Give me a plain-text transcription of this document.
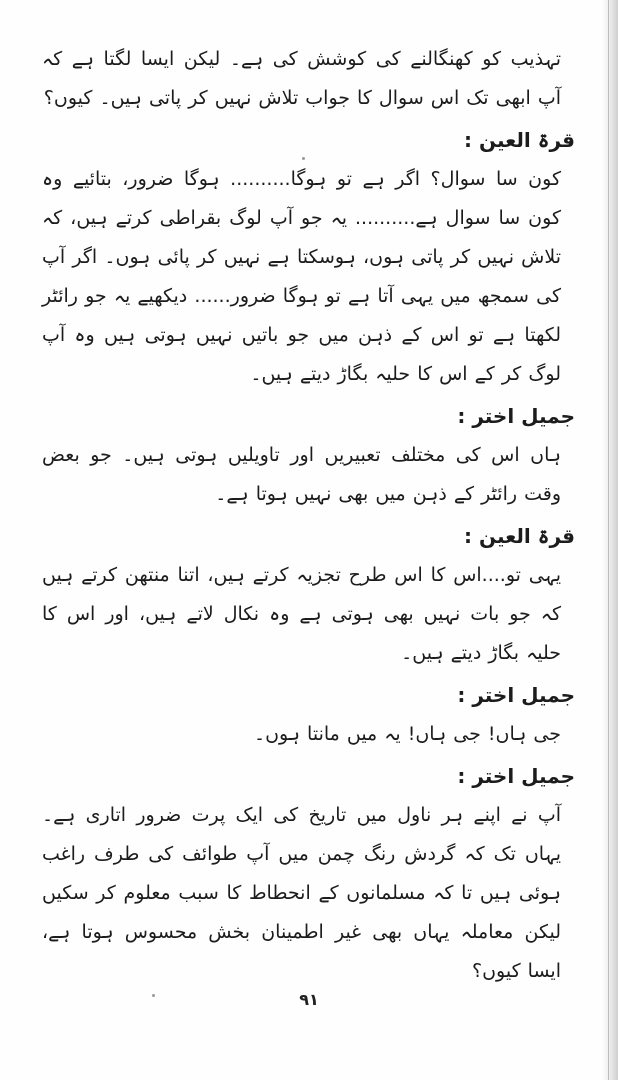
تہذیب کو کھنگالنے کی کوشش کی ہے۔ لیکن ایسا لگتا ہے کہ آپ ابھی تک اس سوال کا جواب تلاش نہیں کر پاتی ہیں۔ کیوں؟

قرۃ العین :

کون سا سوال؟ اگر ہے تو ہوگا.......... ہوگا ضرور، بتائیے وہ کون سا سوال ہے.......... یہ جو آپ لوگ بقراطی کرتے ہیں، کہ تلاش نہیں کر پاتی ہوں، ہوسکتا ہے نہیں کر پائی ہوں۔ اگر آپ کی سمجھ میں یہی آتا ہے تو ہوگا ضرور...... دیکھیے یہ جو رائٹر لکھتا ہے تو اس کے ذہن میں جو باتیں نہیں ہوتی ہیں وہ آپ لوگ کر کے اس کا حلیہ بگاڑ دیتے ہیں۔

جمیل اختر :

ہاں اس کی مختلف تعبیریں اور تاویلیں ہوتی ہیں۔ جو بعض وقت رائٹر کے ذہن میں بھی نہیں ہوتا ہے۔

قرۃ العین :

یہی تو....اس کا اس طرح تجزیہ کرتے ہیں، اتنا منتھن کرتے ہیں کہ جو بات نہیں بھی ہوتی ہے وہ نکال لاتے ہیں، اور اس کا حلیہ بگاڑ دیتے ہیں۔

جمیل اختر :

جی ہاں! جی ہاں! یہ میں مانتا ہوں۔

جمیل اختر :

آپ نے اپنے ہر ناول میں تاریخ کی ایک پرت ضرور اتاری ہے۔ یہاں تک کہ گردش رنگ چمن میں آپ طوائف کی طرف راغب ہوئی ہیں تا کہ مسلمانوں کے انحطاط کا سبب معلوم کر سکیں لیکن معاملہ یہاں بھی غیر اطمینان بخش محسوس ہوتا ہے، ایسا کیوں؟

٩١
